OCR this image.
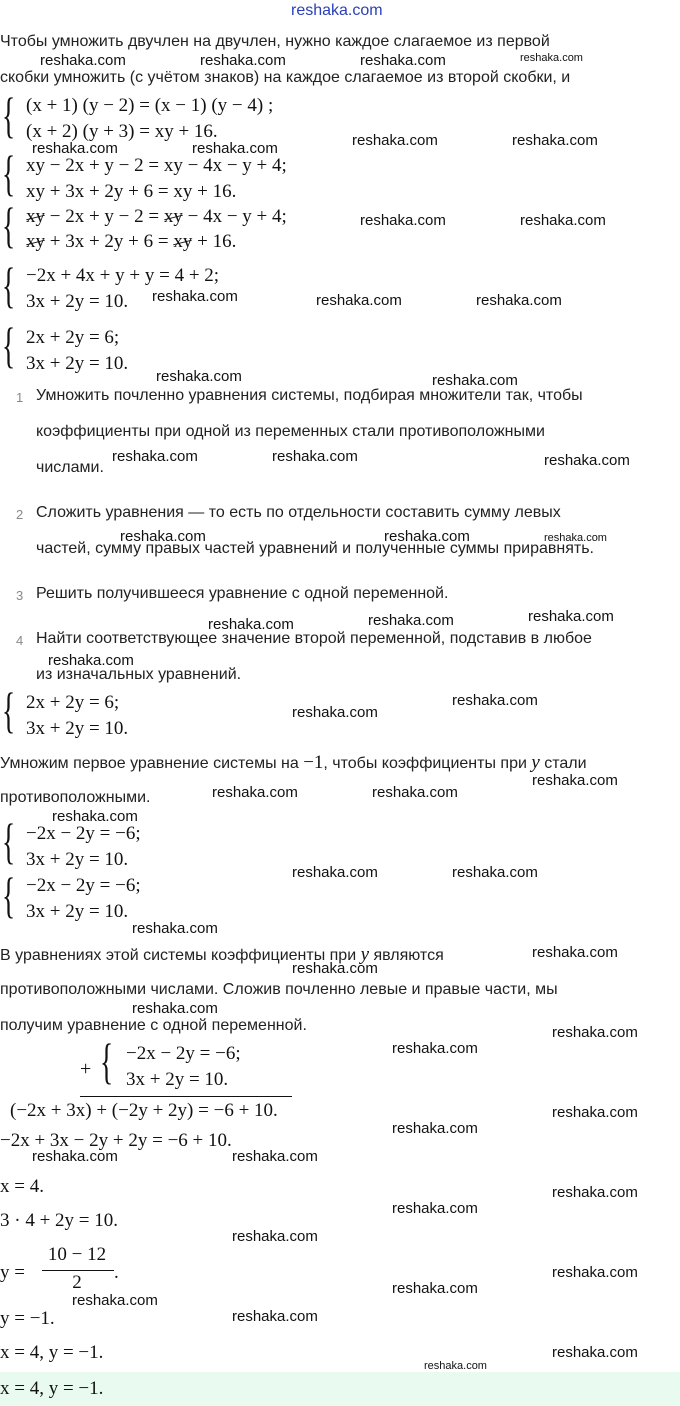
reshaka.com
Чтобы умножить двучлен на двучлен, нужно каждое слагаемое из первой
скобки умножить (с учётом знаков) на каждое слагаемое из второй скобки, и
{ (x + 1) (y − 2) = (x − 1) (y − 4) ;
(x + 2) (y + 3) = xy + 16.
{ xy − 2x + y − 2 = xy − 4x − y + 4;
xy + 3x + 2y + 6 = xy + 16.
{ xy − 2x + y − 2 = xy − 4x − y + 4;
xy + 3x + 2y + 6 = xy + 16.
{ −2x + 4x + y + y = 4 + 2;
3x + 2y = 10.
{ 2x + 2y = 6;
3x + 2y = 10.
1 Умножить почленно уравнения системы, подбирая множители так, чтобы
коэффициенты при одной из переменных стали противоположными
числами.
2 Сложить уравнения — то есть по отдельности составить сумму левых
частей, сумму правых частей уравнений и полученные суммы приравнять.
3 Решить получившееся уравнение с одной переменной.
4 Найти соответствующее значение второй переменной, подставив в любое
из изначальных уравнений.
{ 2x + 2y = 6;
3x + 2y = 10.
Умножим первое уравнение системы на −1, чтобы коэффициенты при y стали
противоположными.
{ −2x − 2y = −6;
3x + 2y = 10.
{ −2x − 2y = −6;
3x + 2y = 10.
В уравнениях этой системы коэффициенты при y являются
противоположными числами. Сложив почленно левые и правые части, мы
получим уравнение с одной переменной.
+ { −2x − 2y = −6;
3x + 2y = 10.
(−2x + 3x) + (−2y + 2y) = −6 + 10.
−2x + 3x − 2y + 2y = −6 + 10.
x = 4.
3 · 4 + 2y = 10.
y =
10 − 12
2	.
y = −1.
x = 4, y = −1.
x = 4, y = −1.
reshaka.com	reshaka.com	reshaka.com	reshaka.com
reshaka.com	reshaka.com	reshaka.com	reshaka.com
reshaka.com	reshaka.com
reshaka.com	reshaka.com	reshaka.com
reshaka.com	reshaka.com
reshaka.com	reshaka.com	reshaka.com
reshaka.com	reshaka.com	reshaka.com
reshaka.com	reshaka.com	reshaka.com
reshaka.com
reshaka.com
reshaka.com
reshaka.com
reshaka.com	reshaka.com
reshaka.com
reshaka.com	reshaka.com
reshaka.com
reshaka.com
reshaka.com
reshaka.com
reshaka.com
reshaka.com
reshaka.com
reshaka.com
reshaka.com	reshaka.com
reshaka.com
reshaka.com
reshaka.com
reshaka.com
reshaka.com
reshaka.com
reshaka.com
reshaka.com
reshaka.com
